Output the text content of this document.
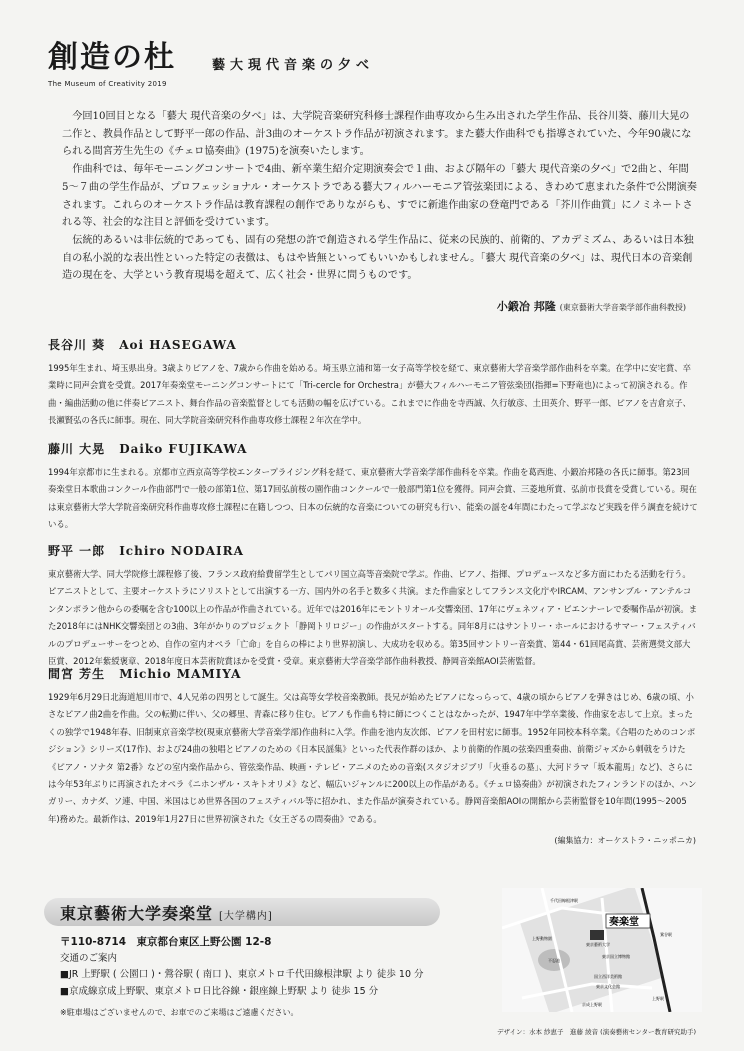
創造の杜	藝大現代音楽の夕べ
The Museum of Creativity 2019

今回10回目となる「藝大 現代音楽の夕べ」は、大学院音楽研究科修士課程作曲専攻から生み出された学生作品、長谷川葵、藤川大晃の二作と、教員作品として野平一郎の作品、計3曲のオーケストラ作品が初演されます。また藝大作曲科でも指導されていた、今年90歳になられる間宮芳生先生の《チェロ協奏曲》(1975)を演奏いたします。

作曲科では、毎年モーニングコンサートで4曲、新卒業生紹介定期演奏会で１曲、および隔年の「藝大 現代音楽の夕べ」で2曲と、年間5〜７曲の学生作品が、プロフェッショナル・オーケストラである藝大フィルハーモニア管弦楽団による、きわめて恵まれた条件で公開演奏されます。これらのオーケストラ作品は教育課程の創作でありながらも、すでに新進作曲家の登竜門である「芥川作曲賞」にノミネートされる等、社会的な注目と評価を受けています。

伝統的あるいは非伝統的であっても、固有の発想の許で創造される学生作品に、従来の民族的、前衛的、アカデミズム、あるいは日本独自の私小説的な表出性といった特定の表徴は、もはや皆無といってもいいかもしれません。「藝大 現代音楽の夕べ」は、現代日本の音楽創造の現在を、大学という教育現場を超えて、広く社会・世界に問うものです。

小鍛冶 邦隆 (東京藝術大学音楽学部作曲科教授)
長谷川 葵 Aoi HASEGAWA
1995年生まれ、埼玉県出身。3歳よりピアノを、7歳から作曲を始める。埼玉県立浦和第一女子高等学校を経て、東京藝術大学音楽学部作曲科を卒業。在学中に安宅賞、卒業時に同声会賞を受賞。2017年奏楽堂モーニングコンサートにて「Tri-cercle for Orchestra」が藝大フィルハーモニア管弦楽団(指揮=下野竜也)によって初演される。作曲・編曲活動の他に伴奏ピアニスト、舞台作品の音楽監督としても活動の幅を広げている。これまでに作曲を寺西誠、久行敏彦、土田英介、野平一郎、ピアノを吉倉京子、長瀬賢弘の各氏に師事。現在、同大学院音楽研究科作曲専攻修士課程２年次在学中。
藤川 大晃 Daiko FUJIKAWA
1994年京都市に生まれる。京都市立西京高等学校エンタープライジング科を経て、東京藝術大学音楽学部作曲科を卒業。作曲を葛西進、小鍛冶邦隆の各氏に師事。第23回奏楽堂日本歌曲コンクール作曲部門で一般の部第1位、第17回弘前桜の園作曲コンクールで一般部門第1位を獲得。同声会賞、三菱地所賞、弘前市長賞を受賞している。現在は東京藝術大学大学院音楽研究科作曲専攻修士課程に在籍しつつ、日本の伝統的な音楽についての研究も行い、能楽の謡を4年間にわたって学ぶなど実践を伴う調査を続けている。
野平 一郎 Ichiro NODAIRA
東京藝術大学、同大学院修士課程修了後、フランス政府給費留学生としてパリ国立高等音楽院で学ぶ。作曲、ピアノ、指揮、プロデュースなど多方面にわたる活動を行う。ピアニストとして、主要オーケストラにソリストとして出演する一方、国内外の名手と数多く共演。また作曲家としてフランス文化庁やIRCAM、アンサンブル・アンテルコンタンポラン他からの委嘱を含む100以上の作品が作曲されている。近年では2016年にモントリオール交響楽団、17年にヴェネツィア・ビエンナーレで委嘱作品が初演。また2018年にはNHK交響楽団との3曲、3年がかりのプロジェクト「静岡トリロジー」の作曲がスタートする。同年8月にはサントリー・ホールにおけるサマー・フェスティバルのプロデューサーをつとめ、自作の室内オペラ「亡命」を自らの棒により世界初演し、大成功を収める。第35回サントリー音楽賞、第44・61回尾高賞、芸術選奨文部大臣賞、2012年紫綬褒章、2018年度日本芸術院賞ほかを受賞・受章。東京藝術大学音楽学部作曲科教授、静岡音楽館AOI芸術監督。
間宮 芳生 Michio MAMIYA
1929年6月29日北海道旭川市で、4人兄弟の四男として誕生。父は高等女学校音楽教師。長兄が始めたピアノになっらって、4歳の頃からピアノを弾きはじめ、6歳の頃、小さなピアノ曲2曲を作曲。父の転勤に伴い、父の郷里、青森に移り住む。ピアノも作曲も特に師につくことはなかったが、1947年中学卒業後、作曲家を志して上京。まったくの独学で1948年春、旧制東京音楽学校(現東京藝術大学音楽学部)作曲科に入学。作曲を池内友次郎、ピアノを田村宏に師事。1952年同校本科卒業。《合唱のためのコンポジション》シリーズ(17作)、および24曲の独唱とピアノのための《日本民謡集》といった代表作群のほか、より前衛的作風の弦楽四重奏曲、前衛ジャズから刺戟をうけた《ピアノ・ソナタ 第2番》などの室内楽作品から、管弦楽作品、映画・テレビ・アニメのための音楽(スタジオジブリ「火垂るの墓」、大河ドラマ「坂本龍馬」など)、さらには今年53年ぶりに再演されたオペラ《ニホンザル・スキトオリメ》など、幅広いジャンルに200以上の作品がある。《チェロ協奏曲》が初演されたフィンランドのほか、ハンガリー、カナダ、ソ連、中国、米国はじめ世界各国のフェスティバル等に招かれ、また作品が演奏されている。静岡音楽館AOIの開館から芸術監督を10年間(1995〜2005年)務めた。最新作は、2019年1月27日に世界初演された《女王ざるの問奏曲》である。
(編集協力：オーケストラ・ニッポニカ)
東京藝術大学奏楽堂 [大学構内]
〒110-8714　東京都台東区上野公園 12-8
交通のご案内
■JR 上野駅 ( 公園口 )・鶯谷駅 ( 南口 )、東京メトロ千代田線根津駅 より 徒歩 10 分
■京成線京成上野駅、東京メトロ日比谷線・銀座線上野駅 より 徒歩 15 分
※駐車場はございませんので、お車でのご来場はご遠慮ください。
奏楽堂
千代田線根津駅
東京藝術大学
上野動物園
不忍池
上野駅
京成上野駅
東京国立博物館
国立西洋美術館
東京文化会館
鶯谷駅
デザイン：水本 紗恵子　進藤 綾音 (演奏藝術センター教育研究助手)
